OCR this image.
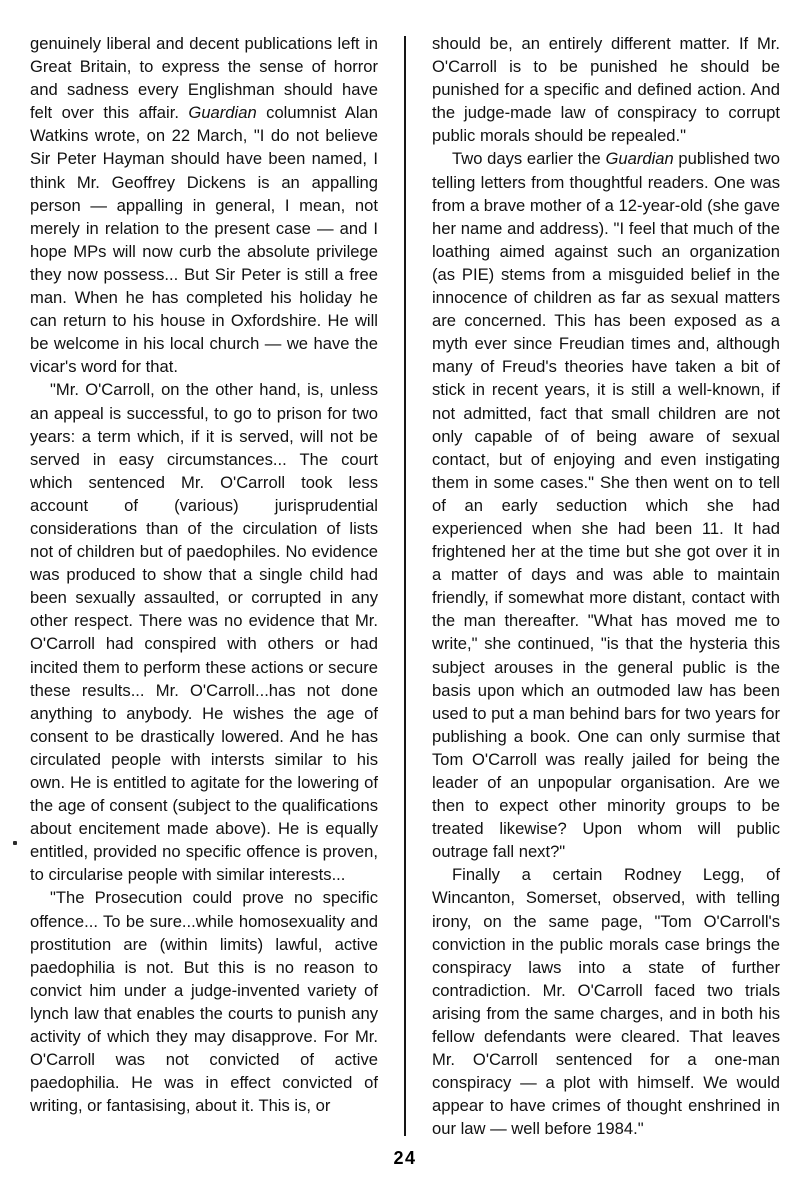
genuinely liberal and decent publications left in Great Britain, to express the sense of horror and sadness every Englishman should have felt over this affair. Guardian columnist Alan Watkins wrote, on 22 March, "I do not believe Sir Peter Hayman should have been named, I think Mr. Geoffrey Dickens is an appalling person — appalling in general, I mean, not merely in relation to the present case — and I hope MPs will now curb the absolute privilege they now possess... But Sir Peter is still a free man. When he has completed his holiday he can return to his house in Oxfordshire. He will be welcome in his local church — we have the vicar's word for that.

"Mr. O'Carroll, on the other hand, is, unless an appeal is successful, to go to prison for two years: a term which, if it is served, will not be served in easy circumstances... The court which sentenced Mr. O'Carroll took less account of (various) jurisprudential considerations than of the circulation of lists not of children but of paedophiles. No evidence was produced to show that a single child had been sexually assaulted, or corrupted in any other respect. There was no evidence that Mr. O'Carroll had conspired with others or had incited them to perform these actions or secure these results... Mr. O'Carroll...has not done anything to anybody. He wishes the age of consent to be drastically lowered. And he has circulated people with intersts similar to his own. He is entitled to agitate for the lowering of the age of consent (subject to the qualifications about encitement made above). He is equally entitled, provided no specific offence is proven, to circularise people with similar interests...

"The Prosecution could prove no specific offence... To be sure...while homosexuality and prostitution are (within limits) lawful, active paedophilia is not. But this is no reason to convict him under a judge-invented variety of lynch law that enables the courts to punish any activity of which they may disapprove. For Mr. O'Carroll was not convicted of active paedophilia. He was in effect convicted of writing, or fantasising, about it. This is, or

should be, an entirely different matter. If Mr. O'Carroll is to be punished he should be punished for a specific and defined action. And the judge-made law of conspiracy to corrupt public morals should be repealed."

Two days earlier the Guardian published two telling letters from thoughtful readers. One was from a brave mother of a 12-year-old (she gave her name and address). "I feel that much of the loathing aimed against such an organization (as PIE) stems from a misguided belief in the innocence of children as far as sexual matters are concerned. This has been exposed as a myth ever since Freudian times and, although many of Freud's theories have taken a bit of stick in recent years, it is still a well-known, if not admitted, fact that small children are not only capable of of being aware of sexual contact, but of enjoying and even instigating them in some cases." She then went on to tell of an early seduction which she had experienced when she had been 11. It had frightened her at the time but she got over it in a matter of days and was able to maintain friendly, if somewhat more distant, contact with the man thereafter. "What has moved me to write," she continued, "is that the hysteria this subject arouses in the general public is the basis upon which an outmoded law has been used to put a man behind bars for two years for publishing a book. One can only surmise that Tom O'Carroll was really jailed for being the leader of an unpopular organisation. Are we then to expect other minority groups to be treated likewise? Upon whom will public outrage fall next?"

Finally a certain Rodney Legg, of Wincanton, Somerset, observed, with telling irony, on the same page, "Tom O'Carroll's conviction in the public morals case brings the conspiracy laws into a state of further contradiction. Mr. O'Carroll faced two trials arising from the same charges, and in both his fellow defendants were cleared. That leaves Mr. O'Carroll sentenced for a one-man conspiracy — a plot with himself. We would appear to have crimes of thought enshrined in our law — well before 1984."

24
